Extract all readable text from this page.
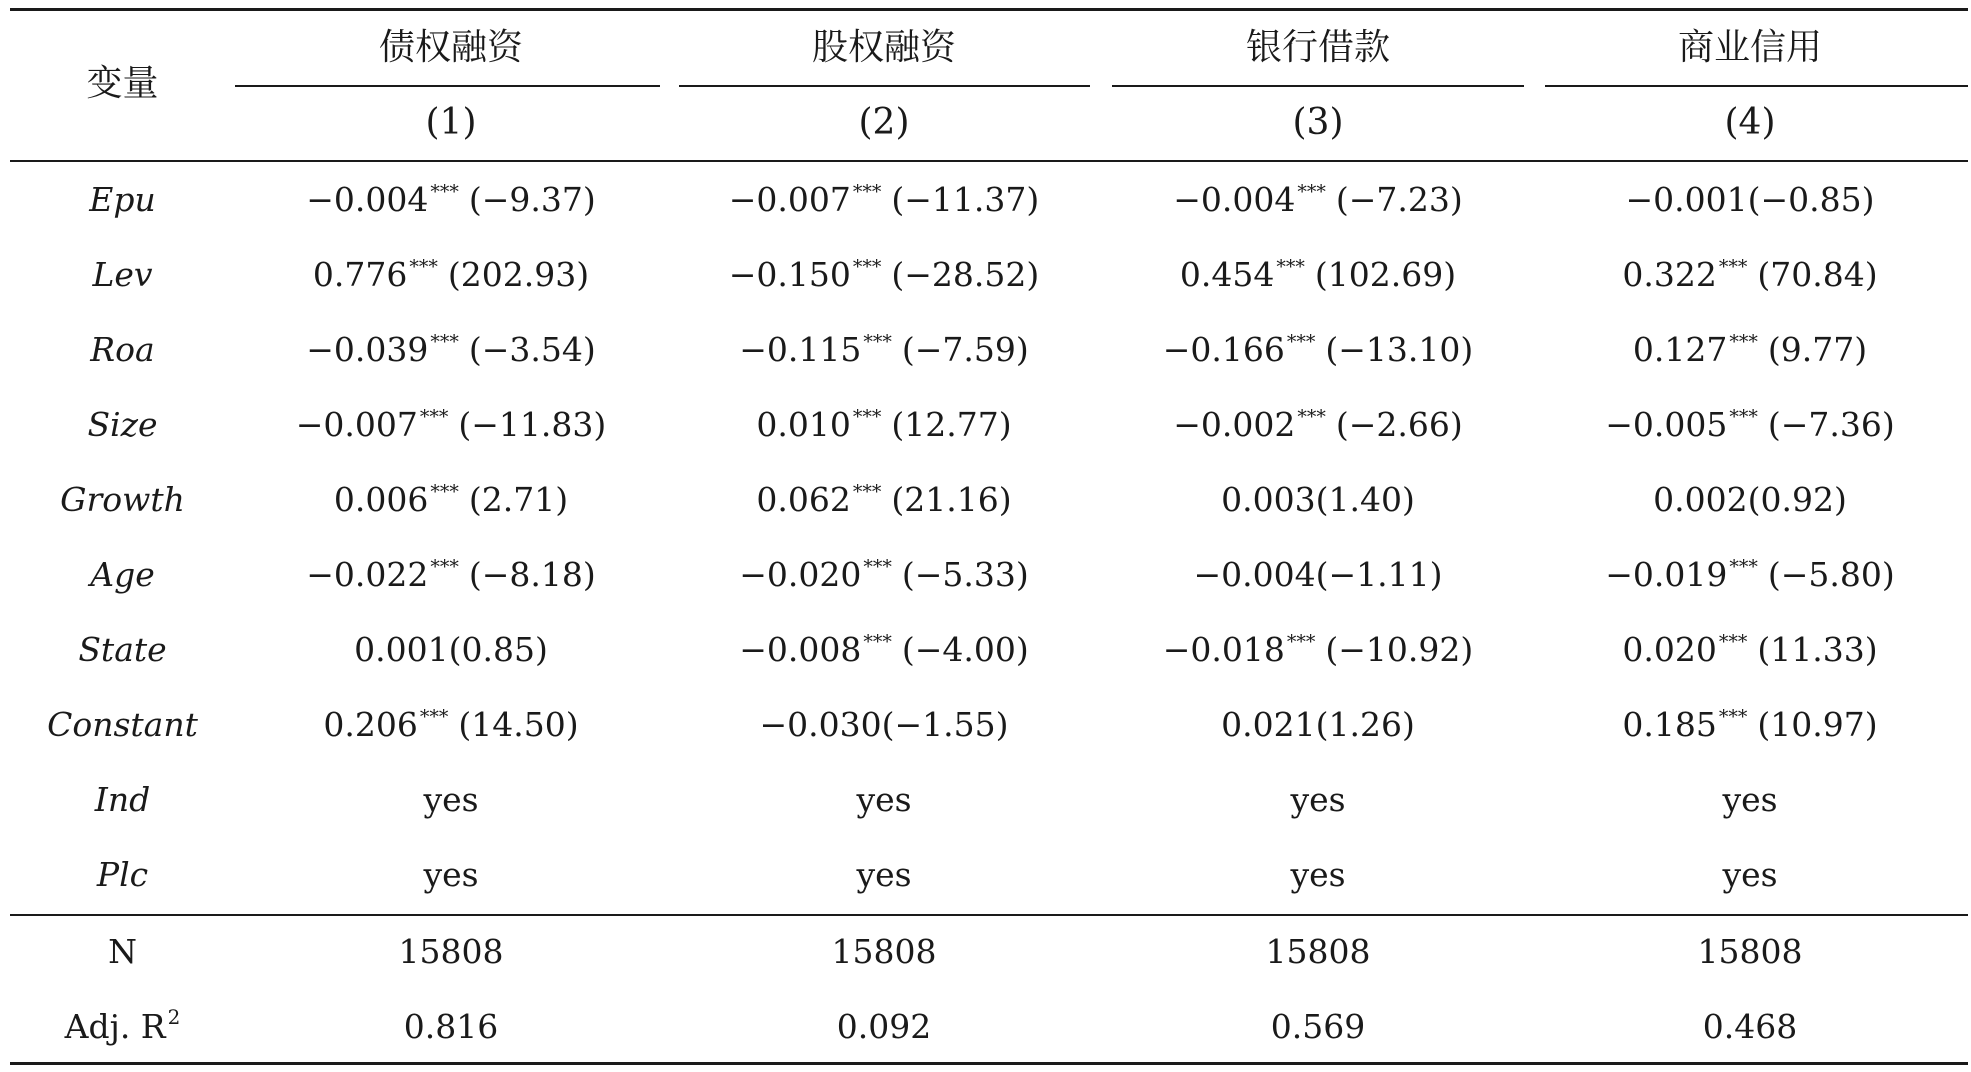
变量
债权融资	股权融资	银行借款	商业信用
(1)	(2)	(3)	(4)
Epu	−0.004 *** (−9.37)	−0.007 *** (−11.37)	−0.004 *** (−7.23)	−0.001(−0.85)
Lev	0.776 *** (202.93)	−0.150 *** (−28.52)	0.454 *** (102.69)	0.322 *** (70.84)
Roa	−0.039 *** (−3.54)	−0.115 *** (−7.59)	−0.166 *** (−13.10)	0.127 *** (9.77)
Size	−0.007 *** (−11.83)	0.010 *** (12.77)	−0.002 *** (−2.66)	−0.005 *** (−7.36)
Growth	0.006 *** (2.71)	0.062 *** (21.16)	0.003(1.40)	0.002(0.92)
Age	−0.022 *** (−8.18)	−0.020 *** (−5.33)	−0.004(−1.11)	−0.019 *** (−5.80)
State	0.001(0.85)	−0.008 *** (−4.00)	−0.018 *** (−10.92)	0.020 *** (11.33)
Constant	0.206 *** (14.50)	−0.030(−1.55)	0.021(1.26)	0.185 *** (10.97)
Ind	yes	yes	yes	yes
Plc	yes	yes	yes	yes
N	15808	15808	15808	15808
Adj. R $^2$	0.816	0.092	0.569	0.468
